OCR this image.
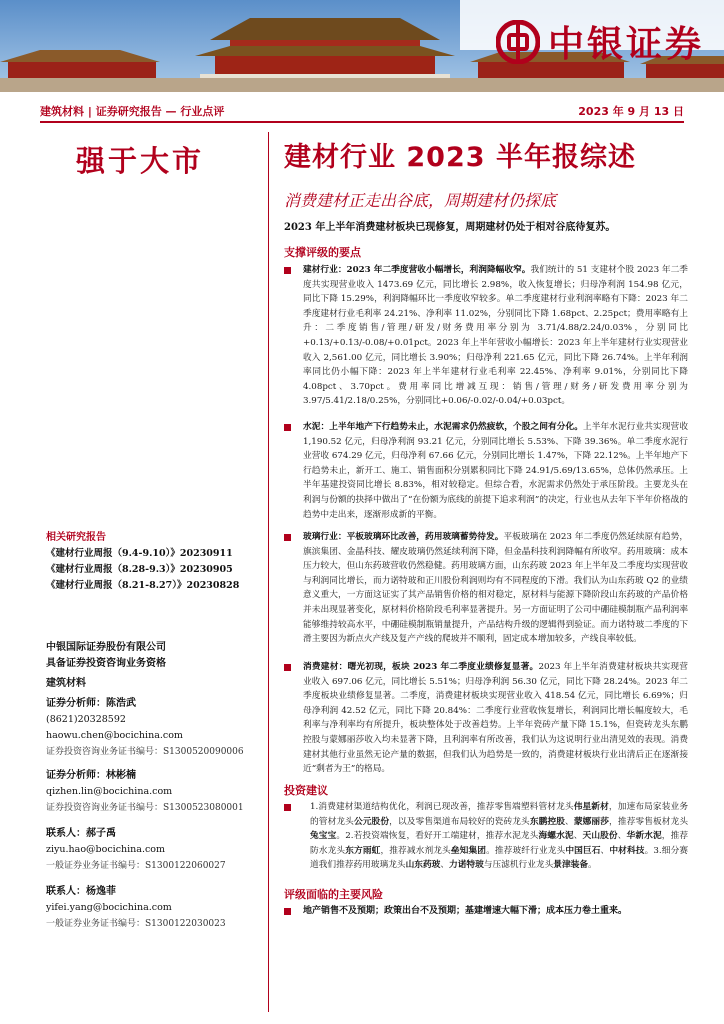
中银证券
建筑材料 | 证券研究报告 — 行业点评	2023 年 9 月 13 日
强于大市
相关研究报告
《建材行业周报（9.4-9.10）》20230911
《建材行业周报（8.28-9.3）》20230905
《建材行业周报（8.21-8.27）》20230828
中银国际证券股份有限公司
具备证券投资咨询业务资格
建筑材料
证券分析师：陈浩武
(8621)20328592
haowu.chen@bocichina.com
证券投资咨询业务证书编号：S1300520090006
证券分析师：林彬楠
qizhen.lin@bocichina.com
证券投资咨询业务证书编号：S1300523080001
联系人：郝子禹
ziyu.hao@bocichina.com
一般证券业务证书编号：S1300122060027
联系人：杨逸菲
yifei.yang@bocichina.com
一般证券业务证书编号：S1300122030023
建材行业 2023 半年报综述
消费建材正走出谷底，周期建材仍探底
2023 年上半年消费建材板块已现修复，周期建材仍处于相对谷底待复苏。
支撑评级的要点
建材行业：2023 年二季度营收小幅增长，利润降幅收窄。我们统计的 51 支建材个股 2023 年二季度共实现营业收入 1473.69 亿元，同比增长 2.98%，收入恢复增长；归母净利润 154.98 亿元，同比下降 15.29%，利润降幅环比一季度收窄较多。单二季度建材行业利润率略有下降：2023 年二季度建材行业毛利率 24.21%、净利率 11.02%，分别同比下降 1.68pct、2.25pct；费用率略有上升：二季度销售/管理/研发/财务费用率分别为 3.71/4.88/2.24/0.03%，分别同比+0.13/+0.13/-0.08/+0.01pct。2023 年上半年营收小幅增长：2023 年上半年建材行业实现营业收入 2,561.00 亿元，同比增长 3.90%；归母净利 221.65 亿元，同比下降 26.74%。上半年利润率同比仍小幅下降：2023 年上半年建材行业毛利率 22.45%、净利率 9.01%，分别同比下降 4.08pct、3.70pct。费用率同比增减互现：销售/管理/财务/研发费用率分别为 3.97/5.41/2.18/0.25%，分别同比+0.06/-0.02/-0.04/+0.03pct。
水泥：上半年地产下行趋势未止，水泥需求仍然疲软，个股之间有分化。上半年水泥行业共实现营收 1,190.52 亿元，归母净利润 93.21 亿元，分别同比增长 5.53%、下降 39.36%。单二季度水泥行业营收 674.29 亿元，归母净利 67.66 亿元，分别同比增长 1.47%，下降 22.12%。上半年地产下行趋势未止，新开工、施工、销售面积分别累积同比下降 24.91/5.69/13.65%，总体仍然承压。上半年基建投资同比增长 8.83%，相对较稳定。但综合看，水泥需求仍然处于承压阶段。主要龙头在利润与份额的抉择中做出了“在份额为底线的前提下追求利润”的决定，行业也从去年下半年价格战的趋势中走出来，逐渐形成新的平衡。
玻璃行业：平板玻璃环比改善，药用玻璃蓄势待发。平板玻璃在 2023 年二季度仍然延续原有趋势，旗滨集团、金晶科技、耀皮玻璃仍然延续利润下降，但金晶科技利润降幅有所收窄。药用玻璃：成本压力较大，但山东药玻营收仍然稳健。药用玻璃方面，山东药玻 2023 年上半年及二季度均实现营收与利润同比增长，而力诺特玻和正川股份利润则均有不同程度的下滑。我们认为山东药玻 Q2 的业绩意义重大，一方面这证实了其产品销售价格的相对稳定，原材料与能源下降阶段山东药玻的产品价格并未出现显著变化，原材料价格阶段毛利率显著提升。另一方面证明了公司中硼硅模制瓶产品利润率能够维持较高水平，中硼硅模制瓶销量提升，产品结构升级的逻辑得到验证。而力诺特玻二季度的下滑主要因为新点火产线及复产产线的爬坡并不顺利，固定成本增加较多，产线良率较低。
消费建材：曙光初现，板块 2023 年二季度业绩修复显著。2023 年上半年消费建材板块共实现营业收入 697.06 亿元，同比增长 5.51%；归母净利润 56.30 亿元，同比下降 28.24%。2023 年二季度板块业绩修复显著。二季度，消费建材板块实现营业收入 418.54 亿元，同比增长 6.69%；归母净利润 42.52 亿元，同比下降 20.84%：二季度行业营收恢复增长，利润同比增长幅度较大，毛利率与净利率均有所提升，板块整体处于改善趋势。上半年瓷砖产量下降 15.1%，但瓷砖龙头东鹏控股与蒙娜丽莎收入均未显著下降，且利润率有所改善，我们认为这说明行业出清见效的表现。消费建材其他行业虽然无论产量的数据，但我们认为趋势是一致的，消费建材板块行业出清后正在逐渐接近“剩者为王”的格局。
投资建议
1.消费建材渠道结构优化，利润已现改善，推荐零售端塑料管材龙头伟星新材，加速布局家装业务的管材龙头公元股份，以及零售渠道布局较好的瓷砖龙头东鹏控股、蒙娜丽莎，推荐零售板材龙头兔宝宝。2.若投资端恢复，看好开工端建材，推荐水泥龙头海螺水泥、天山股份、华新水泥，推荐防水龙头东方雨虹，推荐减水剂龙头垒知集团。推荐玻纤行业龙头中国巨石、中材科技。3.细分赛道我们推荐药用玻璃龙头山东药玻、力诺特玻与压滤机行业龙头景津装备。
评级面临的主要风险
地产销售不及预期；政策出台不及预期；基建增速大幅下滑；成本压力卷土重来。
